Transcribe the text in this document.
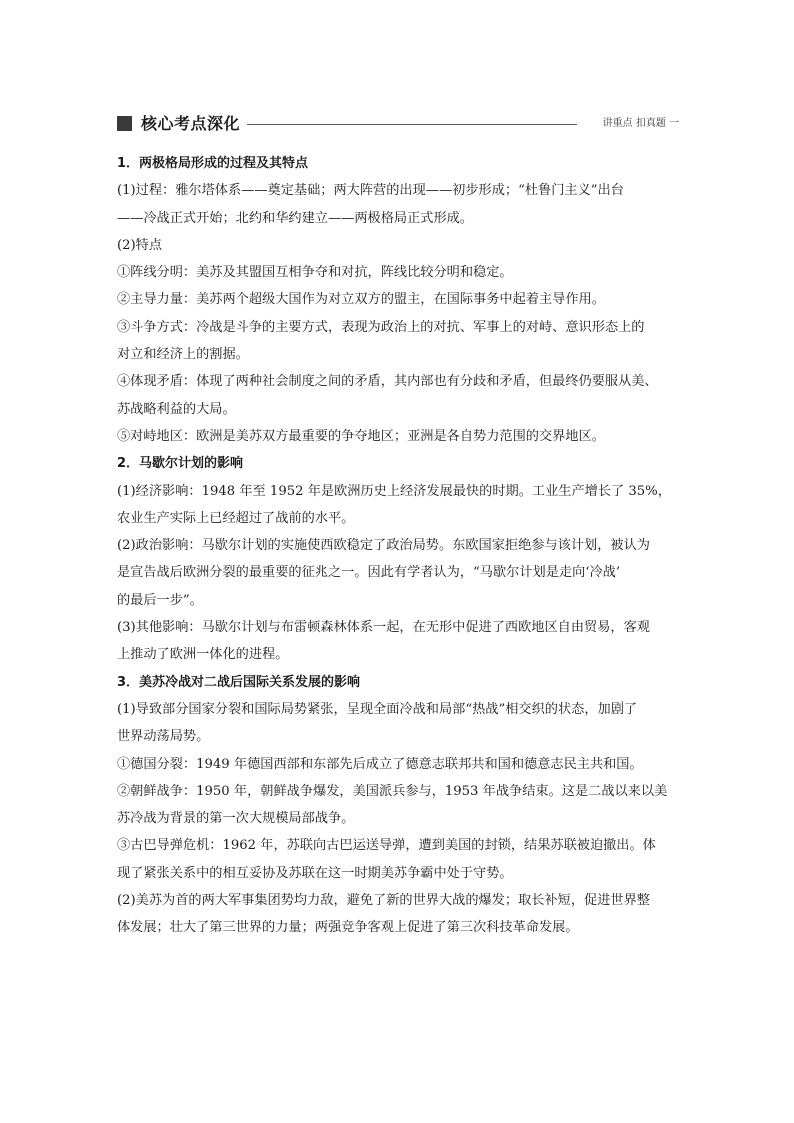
核心考点深化	讲重点 扣真题 一
1．两极格局形成的过程及其特点
(1)过程：雅尔塔体系——奠定基础；两大阵营的出现——初步形成；“杜鲁门主义”出台
——冷战正式开始；北约和华约建立——两极格局正式形成。
(2)特点
①阵线分明：美苏及其盟国互相争夺和对抗，阵线比较分明和稳定。
②主导力量：美苏两个超级大国作为对立双方的盟主，在国际事务中起着主导作用。
③斗争方式：冷战是斗争的主要方式，表现为政治上的对抗、军事上的对峙、意识形态上的
对立和经济上的割据。
④体现矛盾：体现了两种社会制度之间的矛盾，其内部也有分歧和矛盾，但最终仍要服从美、
苏战略利益的大局。
⑤对峙地区：欧洲是美苏双方最重要的争夺地区；亚洲是各自势力范围的交界地区。
2．马歇尔计划的影响
(1)经济影响：1948 年至 1952 年是欧洲历史上经济发展最快的时期。工业生产增长了 35%，
农业生产实际上已经超过了战前的水平。
(2)政治影响：马歇尔计划的实施使西欧稳定了政治局势。东欧国家拒绝参与该计划，被认为
是宣告战后欧洲分裂的最重要的征兆之一。因此有学者认为，“马歇尔计划是走向‘冷战’
的最后一步”。
(3)其他影响：马歇尔计划与布雷顿森林体系一起，在无形中促进了西欧地区自由贸易，客观
上推动了欧洲一体化的进程。
3．美苏冷战对二战后国际关系发展的影响
(1)导致部分国家分裂和国际局势紧张，呈现全面冷战和局部“热战”相交织的状态，加剧了
世界动荡局势。
①德国分裂：1949 年德国西部和东部先后成立了德意志联邦共和国和德意志民主共和国。
②朝鲜战争：1950 年，朝鲜战争爆发，美国派兵参与，1953 年战争结束。这是二战以来以美
苏冷战为背景的第一次大规模局部战争。
③古巴导弹危机：1962 年，苏联向古巴运送导弹，遭到美国的封锁，结果苏联被迫撤出。体
现了紧张关系中的相互妥协及苏联在这一时期美苏争霸中处于守势。
(2)美苏为首的两大军事集团势均力敌，避免了新的世界大战的爆发；取长补短，促进世界整
体发展；壮大了第三世界的力量；两强竞争客观上促进了第三次科技革命发展。
